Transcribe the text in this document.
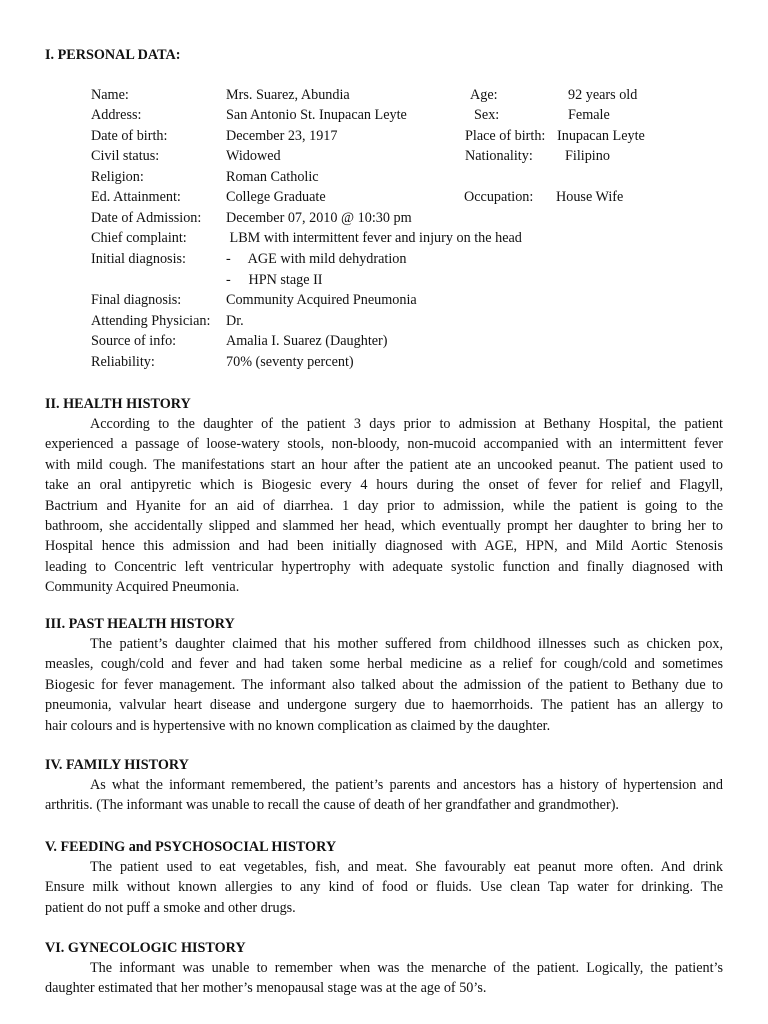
I. PERSONAL DATA:
Name:	Mrs. Suarez, Abundia	Age:	92 years old
Address:	San Antonio St. Inupacan Leyte	Sex:	Female
Date of birth:	December 23, 1917	Place of birth: Inupacan Leyte
Civil status:	Widowed	Nationality: Filipino
Religion:	Roman Catholic
Ed. Attainment:	College Graduate	Occupation: House Wife
Date of Admission: December 07, 2010 @ 10:30 pm
Chief complaint:	LBM with intermittent fever and injury on the head
Initial diagnosis:	-     AGE with mild dehydration
-     HPN stage II
Final diagnosis:	Community Acquired Pneumonia
Attending Physician: Dr.
Source of info:	Amalia I. Suarez (Daughter)
Reliability:	70% (seventy percent)
II. HEALTH HISTORY
According to the daughter of the patient 3 days prior to admission at Bethany Hospital, the patient
experienced a passage of loose-watery stools, non-bloody, non-mucoid accompanied with an intermittent fever
with mild cough. The manifestations start an hour after the patient ate an uncooked peanut. The patient used to
take an oral antipyretic which is Biogesic every 4 hours during the onset of fever for relief and Flagyll,
Bactrium and Hyanite for an aid of diarrhea. 1 day prior to admission, while the patient is going to the
bathroom, she accidentally slipped and slammed her head, which eventually prompt her daughter to bring her to
Hospital hence this admission and had been initially diagnosed with AGE, HPN, and Mild Aortic Stenosis
leading to Concentric left ventricular hypertrophy with adequate systolic function and finally diagnosed with
Community Acquired Pneumonia.
III. PAST HEALTH HISTORY
The patient’s daughter claimed that his mother suffered from childhood illnesses such as chicken pox,
measles, cough/cold and fever and had taken some herbal medicine as a relief for cough/cold and sometimes
Biogesic for fever management. The informant also talked about the admission of the patient to Bethany due to
pneumonia, valvular heart disease and undergone surgery due to haemorrhoids. The patient has an allergy to
hair colours and is hypertensive with no known complication as claimed by the daughter.
IV. FAMILY HISTORY
As what the informant remembered, the patient’s parents and ancestors has a history of hypertension and
arthritis. (The informant was unable to recall the cause of death of her grandfather and grandmother).
V. FEEDING and PSYCHOSOCIAL HISTORY
The patient used to eat vegetables, fish, and meat. She favourably eat peanut more often. And drink
Ensure milk without known allergies to any kind of food or fluids. Use clean Tap water for drinking. The
patient do not puff a smoke and other drugs.
VI. GYNECOLOGIC HISTORY
The informant was unable to remember when was the menarche of the patient. Logically, the patient’s
daughter estimated that her mother’s menopausal stage was at the age of 50’s.
